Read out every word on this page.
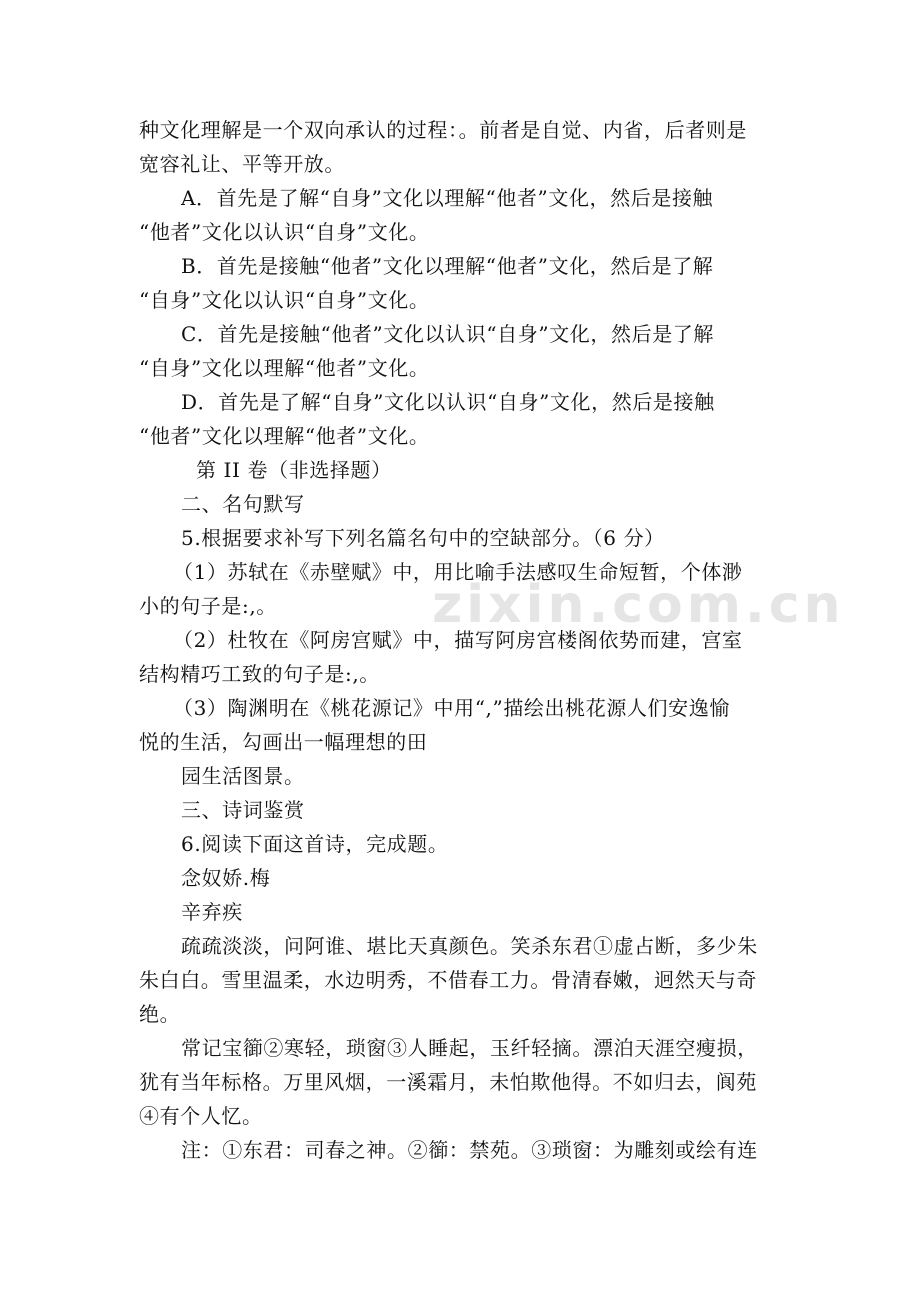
种文化理解是一个双向承认的过程：。前者是自觉、内省，后者则是
宽容礼让、平等开放。
A．首先是了解“自身”文化以理解“他者”文化，然后是接触
“他者”文化以认识“自身”文化。
B．首先是接触“他者”文化以理解“他者”文化，然后是了解
“自身”文化以认识“自身”文化。
C．首先是接触“他者”文化以认识“自身”文化，然后是了解
“自身”文化以理解“他者”文化。
D．首先是了解“自身”文化以认识“自身”文化，然后是接触
“他者”文化以理解“他者”文化。
第 II 卷（非选择题）
二、名句默写
5.根据要求补写下列名篇名句中的空缺部分。（6 分）
（1）苏轼在《赤壁赋》中，用比喻手法感叹生命短暂，个体渺
小的句子是:,。
（2）杜牧在《阿房宫赋》中，描写阿房宫楼阁依势而建，宫室
结构精巧工致的句子是:,。
（3）陶渊明在《桃花源记》中用“,”描绘出桃花源人们安逸愉
悦的生活，勾画出一幅理想的田
园生活图景。
三、诗词鉴赏
6.阅读下面这首诗，完成题。
念奴娇.梅
辛弃疾
疏疏淡淡，问阿谁、堪比天真颜色。笑杀东君①虚占断，多少朱
朱白白。雪里温柔，水边明秀，不借春工力。骨清春嫩，迥然天与奇
绝。
常记宝篽②寒轻，琐窗③人睡起，玉纤轻摘。漂泊天涯空瘦损，
犹有当年标格。万里风烟，一溪霜月，未怕欺他得。不如归去，阆苑
④有个人忆。
注：①东君：司春之神。②篽：禁苑。③琐窗：为雕刻或绘有连
zixin.com.cn
